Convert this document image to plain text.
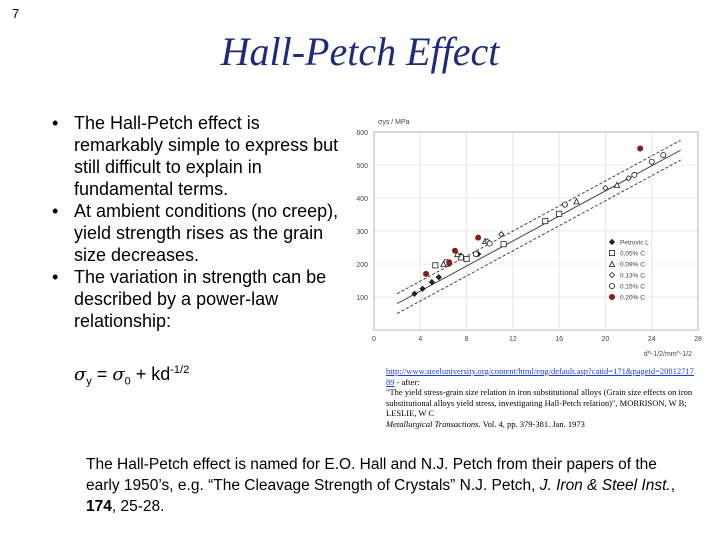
7
Hall-Petch Effect
• The Hall-Petch effect is remarkably simple to express but still difficult to explain in fundamental terms.
• At ambient conditions (no creep), yield strength rises as the grain size decreases.
• The variation in strength can be described by a power-law relationship:
$\sigma_y = \sigma_0 + kd^{-1/2}$
100
200
300
400
500
600
0	4	8	12	16	20	24	28
σys / MPa
d^-1/2/mm^-1/2
Petrovic L
0.05% C
0.09% C
0.13% C
0.15% C
0.20% C
http://www.steeluniversity.org/content/html/eng/default.asp?catid=171&pageid=2081271789 - after:
"The yield stress-grain size relation in iron substitutional alloys (Grain size effects on iron substitutional alloys yield stress, investigating Hall-Petch relation)", MORRISON, W B; LESLIE, W C
Metallurgical Transactions. Vol. 4, pp. 379-381. Jan. 1973
The Hall-Petch effect is named for E.O. Hall and N.J. Petch from their papers of the early 1950’s, e.g. “The Cleavage Strength of Crystals” N.J. Petch, J. Iron & Steel Inst., 174, 25-28.
